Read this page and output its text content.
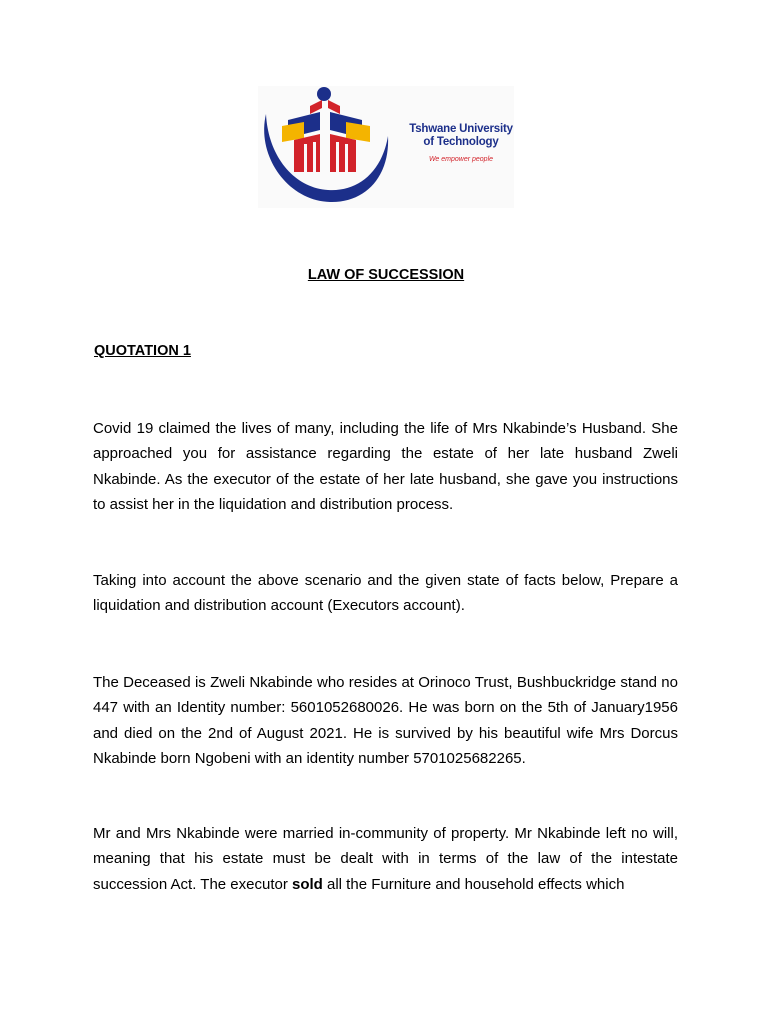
Tshwane University
of Technology
We empower people
LAW OF SUCCESSION
QUOTATION 1
Covid 19 claimed the lives of many, including the life of Mrs Nkabinde’s Husband. She approached you for assistance regarding the estate of her late husband Zweli Nkabinde. As the executor of the estate of her late husband, she gave you instructions to assist her in the liquidation and distribution process.
Taking into account the above scenario and the given state of facts below, Prepare a liquidation and distribution account (Executors account).
The Deceased is Zweli Nkabinde who resides at Orinoco Trust, Bushbuckridge stand no 447 with an Identity number: 5601052680026. He was born on the 5th of January1956 and died on the 2nd of August 2021. He is survived by his beautiful wife Mrs Dorcus Nkabinde born Ngobeni with an identity number 5701025682265.
Mr and Mrs Nkabinde were married in-community of property. Mr Nkabinde left no will, meaning that his estate must be dealt with in terms of the law of the intestate succession Act. The executor sold all the Furniture and household effects which
